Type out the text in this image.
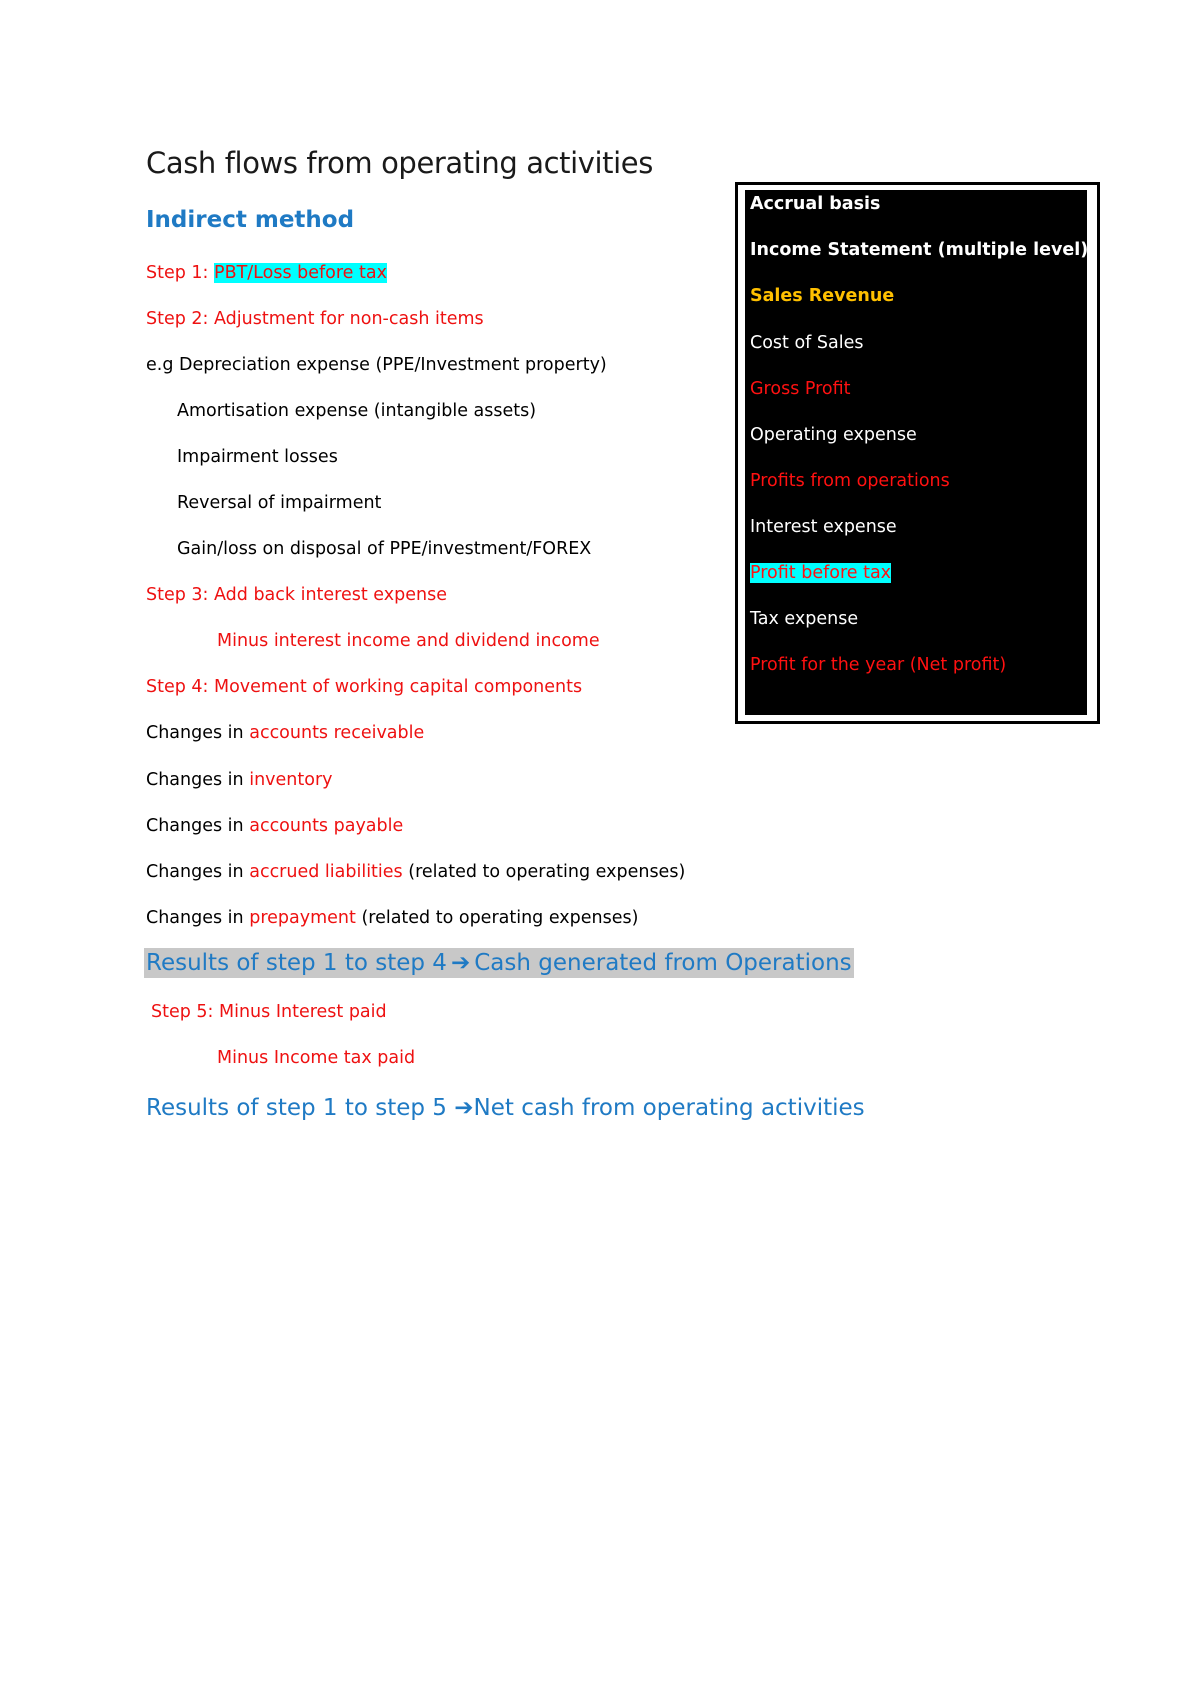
Cash flows from operating activities
Indirect method
Step 1: PBT/Loss before tax
Step 2: Adjustment for non-cash items
e.g Depreciation expense (PPE/Investment property)
Amortisation expense (intangible assets)
Impairment losses
Reversal of impairment
Gain/loss on disposal of PPE/investment/FOREX
Step 3: Add back interest expense
Minus interest income and dividend income
Step 4: Movement of working capital components
Changes in accounts receivable
Changes in inventory
Changes in accounts payable
Changes in accrued liabilities (related to operating expenses)
Changes in prepayment (related to operating expenses)
Results of step 1 to step 4 ➔ Cash generated from Operations
Step 5: Minus Interest paid
Minus Income tax paid
Results of step 1 to step 5 ➔Net cash from operating activities
Accrual basis
Income Statement (multiple level)
Sales Revenue
Cost of Sales
Gross Profit
Operating expense
Profits from operations
Interest expense
Profit before tax
Tax expense
Profit for the year (Net profit)
